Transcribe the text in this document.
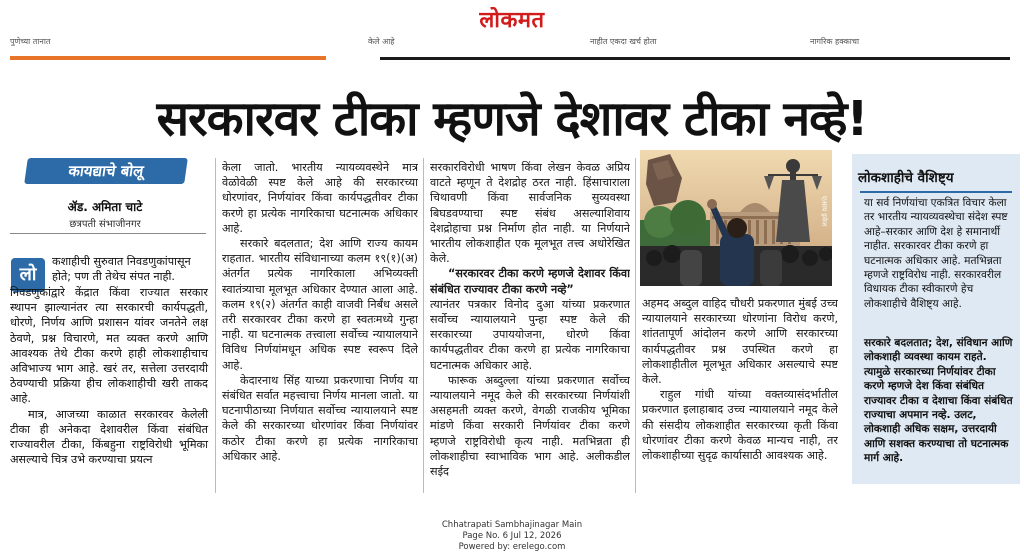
लोकमत
पुणेच्या तानात	केले आहे	नाहीत एकदा खर्च होता	नागरिक हक्काचा
सरकारवर टीका म्हणजे देशावर टीका नव्हे!
कायद्याचे बोलू
ॲड. अमिता चाटे
छत्रपती संभाजीनगर
लो
कशाहीची सुरुवात निवडणुकांपासून होते; पण ती तेथेच संपत नाही.

निवडणुकांद्वारे केंद्रात किंवा राज्यात सरकार स्थापन झाल्यानंतर त्या सरकारची कार्यपद्धती, धोरणे, निर्णय आणि प्रशासन यांवर जनतेने लक्ष ठेवणे, प्रश्न विचारणे, मत व्यक्त करणे आणि आवश्यक तेथे टीका करणे हाही लोकशाहीचाच अविभाज्य भाग आहे. खरं तर, सत्तेला उत्तरदायी ठेवण्याची प्रक्रिया हीच लोकशाहीची खरी ताकद आहे.

मात्र, आजच्या काळात सरकारवर केलेली टीका ही अनेकदा देशावरील किंवा संबंधित राज्यावरील टीका, किंबहुना राष्ट्रविरोधी भूमिका असल्याचे चित्र उभे करण्याचा प्रयत्न

केला जातो. भारतीय न्यायव्यवस्थेने मात्र वेळोवेळी स्पष्ट केले आहे की सरकारच्या धोरणांवर, निर्णयांवर किंवा कार्यपद्धतीवर टीका करणे हा प्रत्येक नागरिकाचा घटनात्मक अधिकार आहे.

सरकारे बदलतात; देश आणि राज्य कायम राहतात. भारतीय संविधानाच्या कलम १९(१)(अ) अंतर्गत प्रत्येक नागरिकाला अभिव्यक्ती स्वातंत्र्याचा मूलभूत अधिकार देण्यात आला आहे. कलम १९(२) अंतर्गत काही वाजवी निर्बंध असले तरी सरकारवर टीका करणे हा स्वतःमध्ये गुन्हा नाही. या घटनात्मक तत्त्वाला सर्वोच्च न्यायालयाने विविध निर्णयांमधून अधिक स्पष्ट स्वरूप दिले आहे.

केदारनाथ सिंह याच्या प्रकरणाचा निर्णय या संबंधित सर्वात महत्त्वाचा निर्णय मानला जातो. या घटनापीठाच्या निर्णयात सर्वोच्च न्यायालयाने स्पष्ट केले की सरकारच्या धोरणांवर किंवा निर्णयांवर कठोर टीका करणे हा प्रत्येक नागरिकाचा अधिकार आहे.

सरकारविरोधी भाषण किंवा लेखन केवळ अप्रिय वाटते म्हणून ते देशद्रोह ठरत नाही. हिंसाचाराला चिथावणी किंवा सार्वजनिक सुव्यवस्था बिघडवण्याचा स्पष्ट संबंध असल्याशिवाय देशद्रोहाचा प्रश्न निर्माण होत नाही. या निर्णयाने भारतीय लोकशाहीत एक मूलभूत तत्त्व अधोरेखित केले.

“सरकारवर टीका करणे म्हणजे देशावर किंवा संबंधित राज्यावर टीका करणे नव्हे”

त्यानंतर पत्रकार विनोद दुआ यांच्या प्रकरणात सर्वोच्च न्यायालयाने पुन्हा स्पष्ट केले की सरकारच्या उपाययोजना, धोरणे किंवा कार्यपद्धतीवर टीका करणे हा प्रत्येक नागरिकाचा घटनात्मक अधिकार आहे.

फारूक अब्दुल्ला यांच्या प्रकरणात सर्वोच्च न्यायालयाने नमूद केले की सरकारच्या निर्णयांशी असहमती व्यक्त करणे, वेगळी राजकीय भूमिका मांडणे किंवा सरकारी निर्णयांवर टीका करणे म्हणजे राष्ट्रविरोधी कृत्य नाही. मतभिन्नता ही लोकशाहीचा स्वाभाविक भाग आहे. अलीकडील सईद

एआय इमेज

अहमद अब्दुल वाहिद चौधरी प्रकरणात मुंबई उच्च न्यायालयाने सरकारच्या धोरणांना विरोध करणे, शांततापूर्ण आंदोलन करणे आणि सरकारच्या कार्यपद्धतीवर प्रश्न उपस्थित करणे हा लोकशाहीतील मूलभूत अधिकार असल्याचे स्पष्ट केले.

राहुल गांधी यांच्या वक्तव्यासंदर्भातील प्रकरणात इलाहाबाद उच्च न्यायालयाने नमूद केले की संसदीय लोकशाहीत सरकारच्या कृती किंवा धोरणांवर टीका करणे केवळ मान्यच नाही, तर लोकशाहीच्या सुदृढ कार्यासाठी आवश्यक आहे.

लोकशाहीचे वैशिष्ट्य
या सर्व निर्णयांचा एकत्रित विचार केला तर भारतीय न्यायव्यवस्थेचा संदेश स्पष्ट आहे–सरकार आणि देश हे समानार्थी नाहीत. सरकारवर टीका करणे हा घटनात्मक अधिकार आहे. मतभिन्नता म्हणजे राष्ट्रविरोध नाही. सरकारवरील विधायक टीका स्वीकारणे हेच लोकशाहीचे वैशिष्ट्य आहे.
सरकारे बदलतात; देश, संविधान आणि लोकशाही व्यवस्था कायम राहते. त्यामुळे सरकारच्या निर्णयांवर टीका करणे म्हणजे देश किंवा संबंधित राज्यावर टीका व देशाचा किंवा संबंधित राज्याचा अपमान नव्हे. उलट, लोकशाही अधिक सक्षम, उत्तरदायी आणि सशक्त करण्याचा तो घटनात्मक मार्ग आहे.
Chhatrapati Sambhajinagar Main
Page No. 6 Jul 12, 2026
Powered by: erelego.com
